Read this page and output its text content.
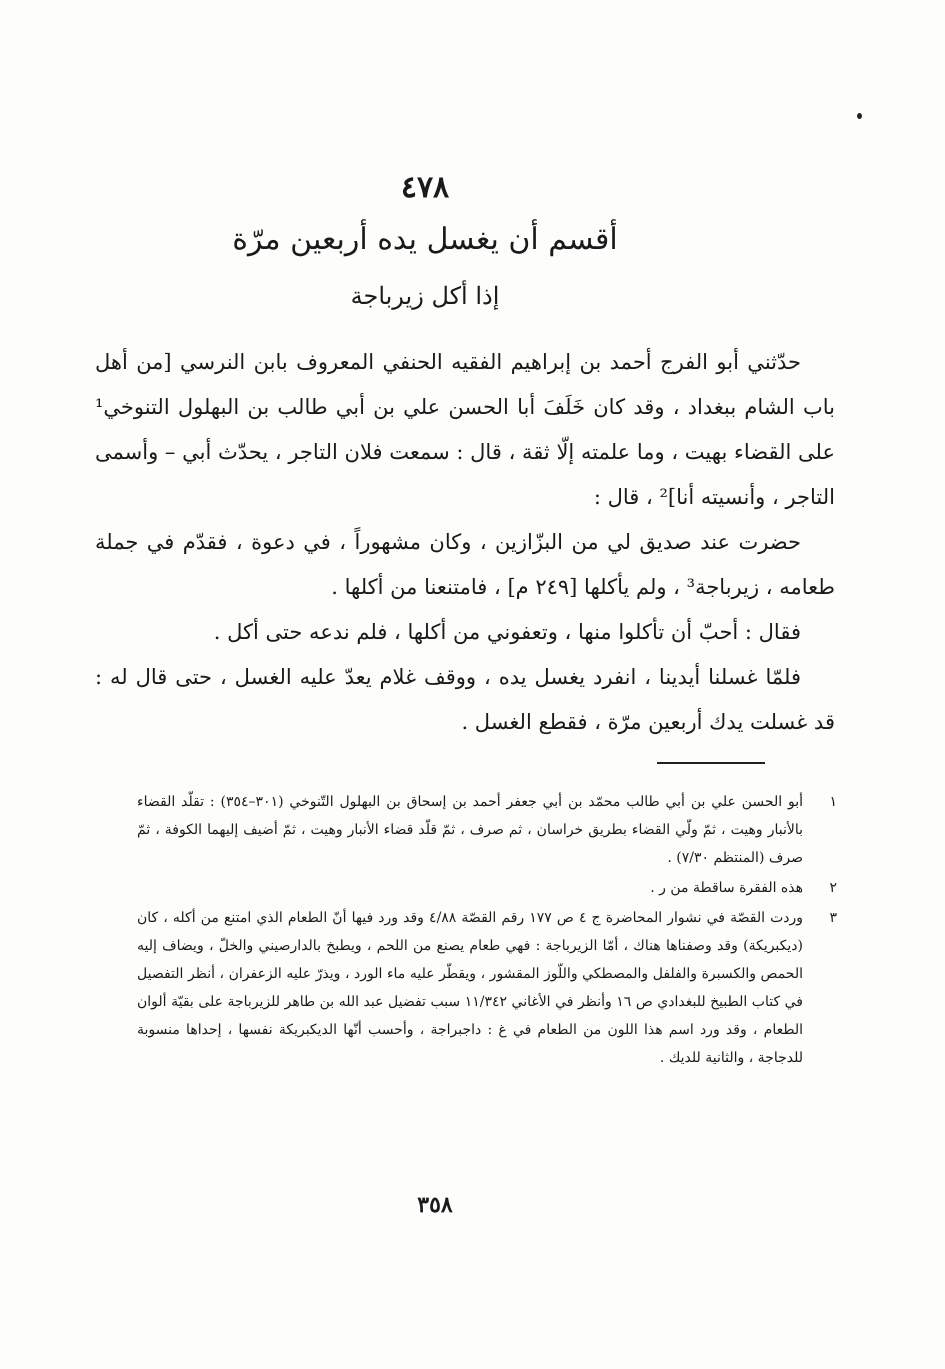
٤٧٨
أقسم أن يغسل يده أربعين مرّة
إذا أكل زيرباجة

حدّثني أبو الفرج أحمد بن إبراهيم الفقيه الحنفي المعروف بابن النرسي [من أهل باب الشام ببغداد ، وقد كان خَلَفَ أبا الحسن علي بن أبي طالب بن البهلول التنوخي¹ على القضاء بهيت ، وما علمته إلّا ثقة ، قال : سمعت فلان التاجر ، يحدّث أبي – وأسمى التاجر ، وأنسيته أنا]² ، قال :

حضرت عند صديق لي من البزّازين ، وكان مشهوراً ، في دعوة ، فقدّم في جملة طعامه ، زيرباجة³ ، ولم يأكلها [٢٤٩ م] ، فامتنعنا من أكلها .

فقال : أحبّ أن تأكلوا منها ، وتعفوني من أكلها ، فلم ندعه حتى أكل .

فلمّا غسلنا أيدينا ، انفرد يغسل يده ، ووقف غلام يعدّ عليه الغسل ، حتى قال له : قد غسلت يدك أربعين مرّة ، فقطع الغسل .

١
أبو الحسن علي بن أبي طالب محمّد بن أبي جعفر أحمد بن إسحاق بن البهلول التّنوخي (٣٠١–٣٥٤) : تقلّد القضاء بالأنبار وهيت ، ثمّ ولّي القضاء بطريق خراسان ، ثم صرف ، ثمّ قلّد قضاء الأنبار وهيت ، ثمّ أضيف إليهما الكوفة ، ثمّ صرف (المنتظم ٧/٣٠) .
٢
هذه الفقرة ساقطة من ر .
٣
وردت القصّة في نشوار المحاضرة ج ٤ ص ١٧٧ رقم القصّة ٤/٨٨ وقد ورد فيها أنّ الطعام الذي امتنع من أكله ، كان (ديكبريكة) وقد وصفناها هناك ، أمّا الزيرباجة : فهي طعام يصنع من اللحم ، ويطبخ بالدارصيني والخلّ ، ويضاف إليه الحمص والكسبرة والفلفل والمصطكي واللّوز المقشور ، ويقطّر عليه ماء الورد ، ويذرّ عليه الزعفران ، أنظر التفصيل في كتاب الطبيخ للبغدادي ص ١٦ وأنظر في الأغاني ١١/٣٤٢ سبب تفضيل عبد الله بن طاهر للزيرباجة على بقيّة ألوان الطعام ، وقد ورد اسم هذا اللون من الطعام في غ : داجبراجة ، وأحسب أنّها الديكبريكة نفسها ، إحداها منسوبة للدجاجة ، والثانية للديك .
٣٥٨
